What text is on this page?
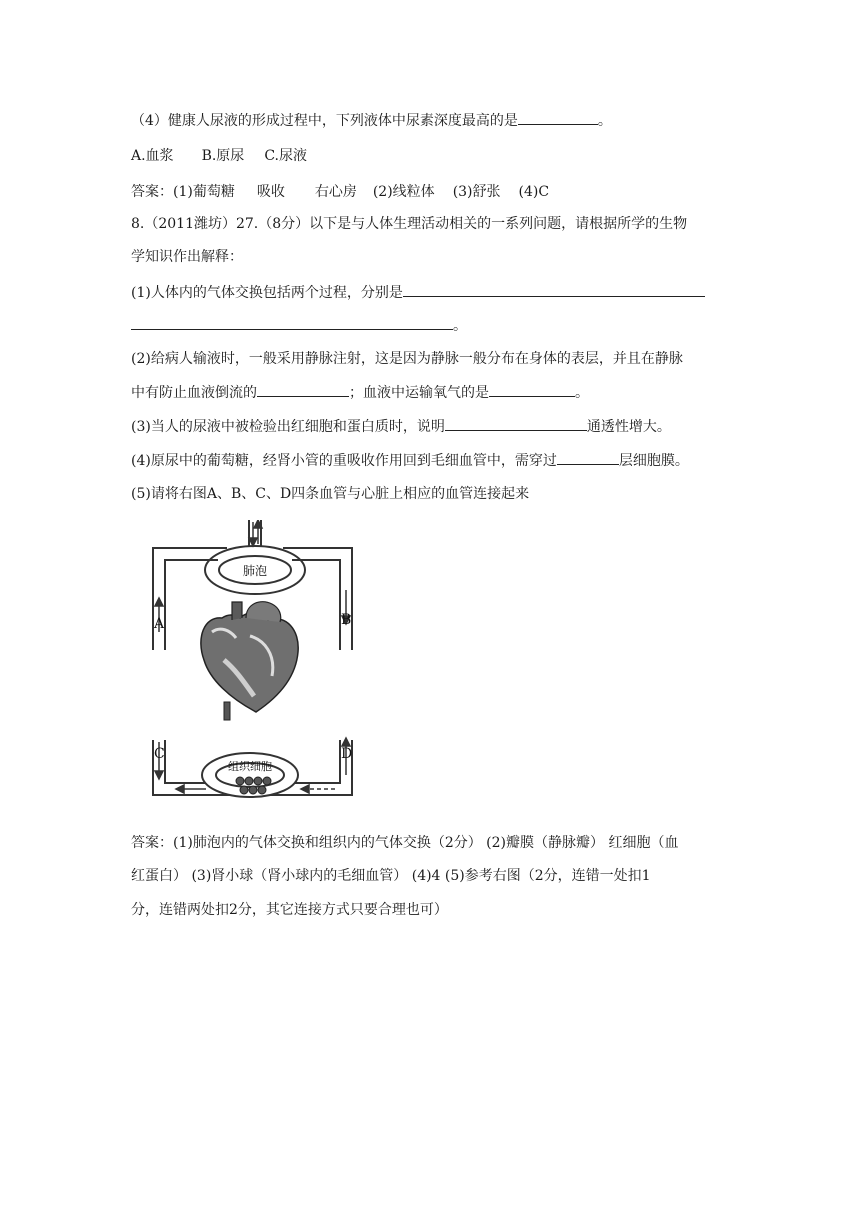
（4）健康人尿液的形成过程中，下列液体中尿素深度最高的是	。
A.血浆 B.原尿 C.尿液
答案：(1)葡萄糖 吸收 右心房 (2)线粒体 (3)舒张 (4)C
8.（2011潍坊）27.（8分）以下是与人体生理活动相关的一系列问题，请根据所学的生物
学知识作出解释：
(1)人体内的气体交换包括两个过程，分别是
。
(2)给病人输液时，一般采用静脉注射，这是因为静脉一般分布在身体的表层，并且在静脉
中有防止血液倒流的	；血液中运输氧气的是	。
(3)当人的尿液中被检验出红细胞和蛋白质时，说明	通透性增大。
(4)原尿中的葡萄糖，经肾小管的重吸收作用回到毛细血管中，需穿过	层细胞膜。
(5)请将右图A、B、C、D四条血管与心脏上相应的血管连接起来
肺泡
组织细胞
A	B
C	D
答案：(1)肺泡内的气体交换和组织内的气体交换（2分） (2)瓣膜（静脉瓣） 红细胞（血
红蛋白） (3)肾小球（肾小球内的毛细血管） (4)4 (5)参考右图（2分，连错一处扣1
分，连错两处扣2分，其它连接方式只要合理也可）
